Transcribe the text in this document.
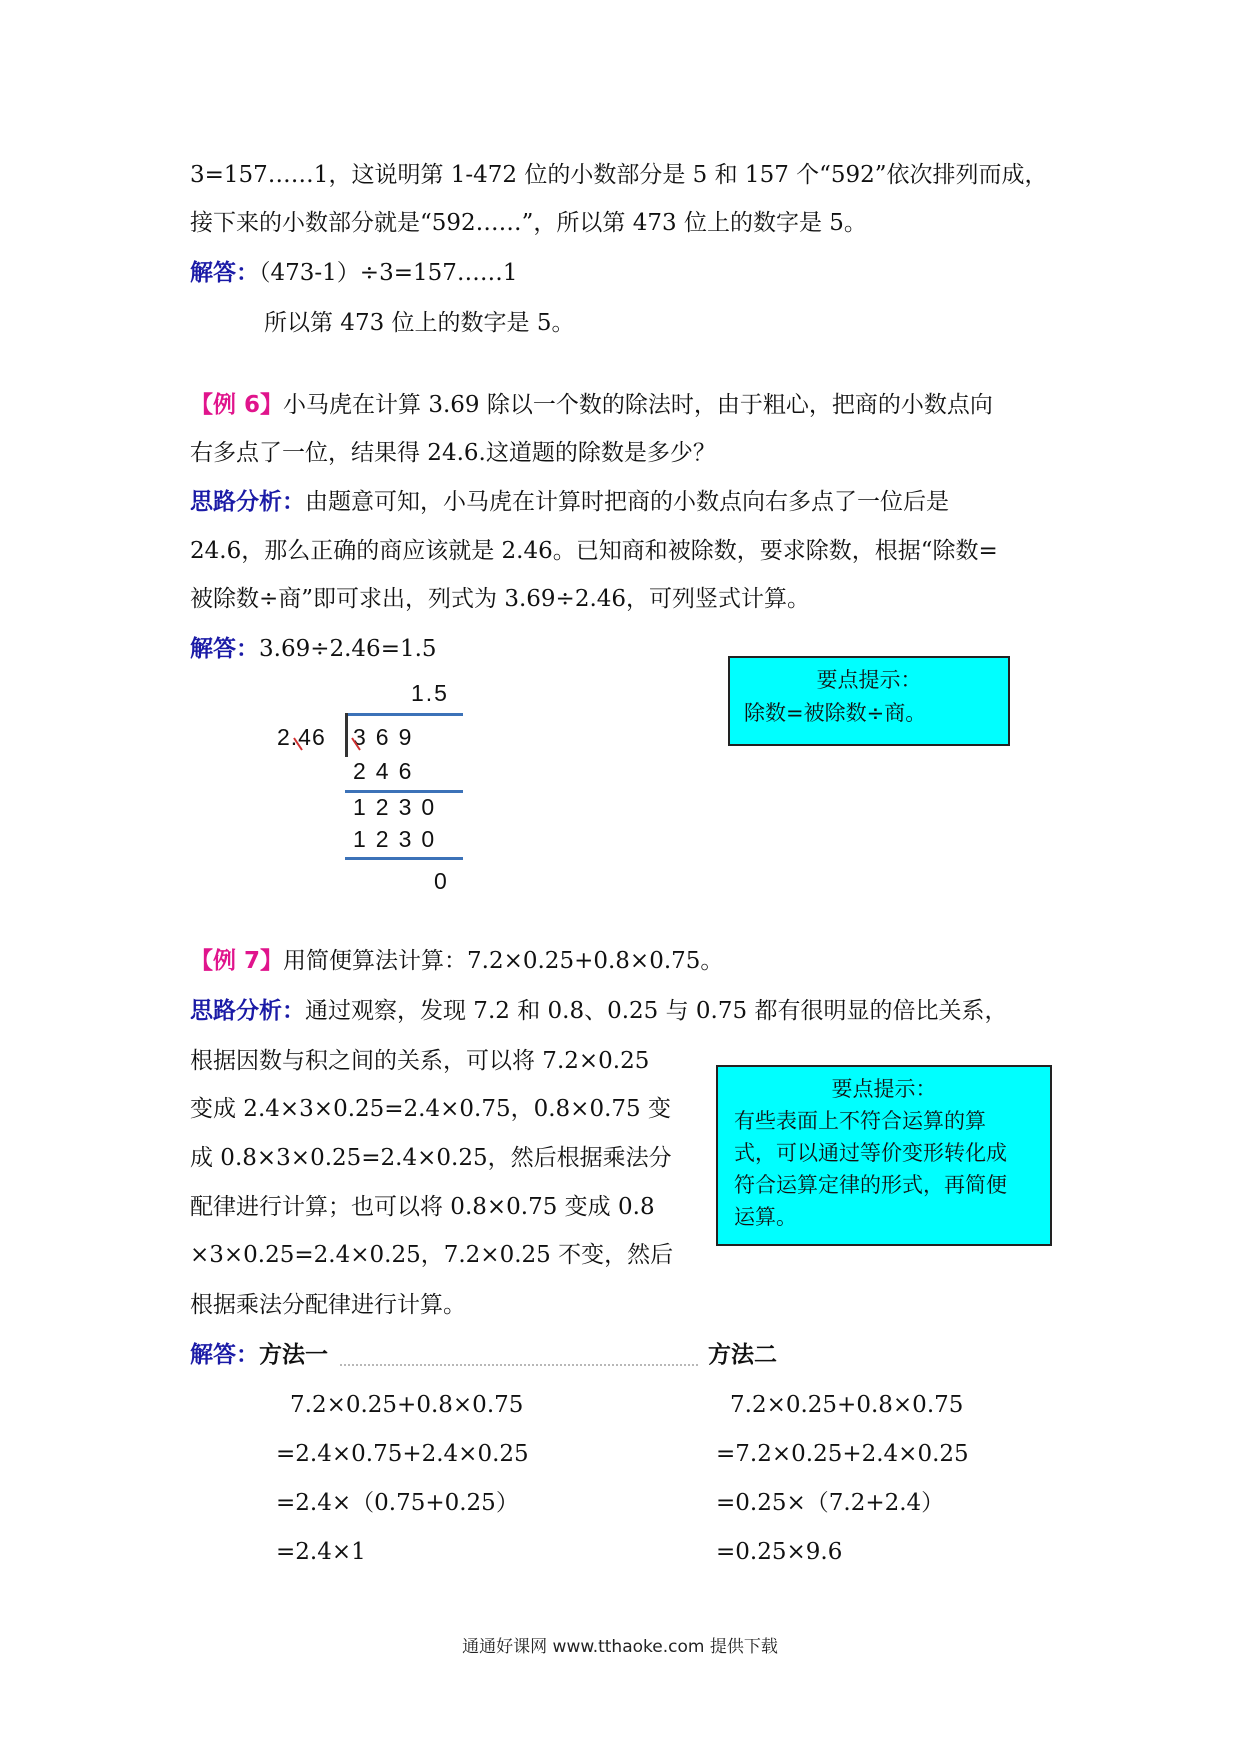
3=157……1，这说明第 1-472 位的小数部分是 5 和 157 个“592”依次排列而成，
接下来的小数部分就是“592……”，所以第 473 位上的数字是 5。
解答：（473-1）÷3=157……1
所以第 473 位上的数字是 5。
【例 6】小马虎在计算 3.69 除以一个数的除法时，由于粗心，把商的小数点向
右多点了一位，结果得 24.6.这道题的除数是多少？
思路分析：由题意可知，小马虎在计算时把商的小数点向右多点了一位后是
24.6，那么正确的商应该就是 2.46。已知商和被除数，要求除数，根据“除数=
被除数÷商”即可求出，列式为 3.69÷2.46，可列竖式计算。
解答：3.69÷2.46=1.5
1.5
2.46 369
246
1230
1230
0
要点提示：
除数=被除数÷商。
【例 7】用简便算法计算：7.2×0.25+0.8×0.75。
思路分析：通过观察，发现 7.2 和 0.8、0.25 与 0.75 都有很明显的倍比关系，
根据因数与积之间的关系，可以将 7.2×0.25
变成 2.4×3×0.25=2.4×0.75，0.8×0.75 变
成 0.8×3×0.25=2.4×0.25，然后根据乘法分
配律进行计算；也可以将 0.8×0.75 变成 0.8
×3×0.25=2.4×0.25，7.2×0.25 不变，然后
根据乘法分配律进行计算。
要点提示：
有些表面上不符合运算的算
式，可以通过等价变形转化成
符合运算定律的形式，再简便
运算。
解答：方法一	方法二
7.2×0.25+0.8×0.75
=2.4×0.75+2.4×0.25
=2.4×（0.75+0.25）
=2.4×1
7.2×0.25+0.8×0.75
=7.2×0.25+2.4×0.25
=0.25×（7.2+2.4）
=0.25×9.6
通通好课网 www.tthaoke.com 提供下载
